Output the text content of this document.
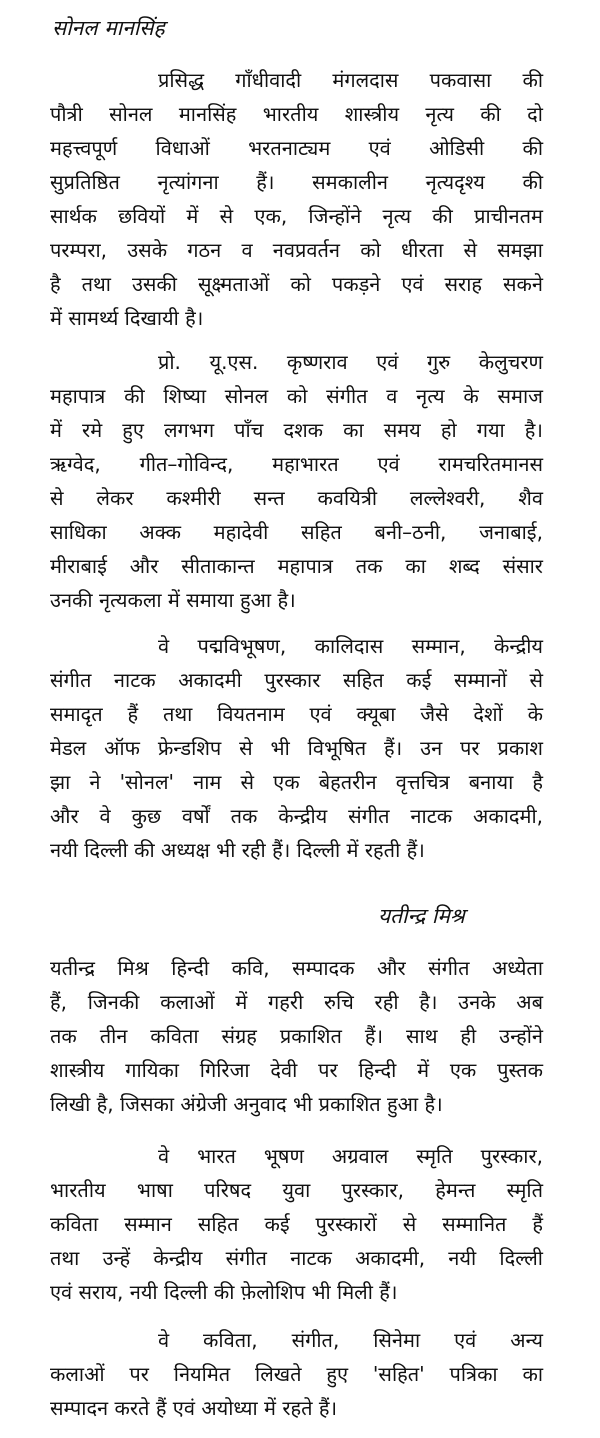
सोनल मानसिंह
प्रसिद्ध गाँधीवादी मंगलदास पकवासा की
पौत्री सोनल मानसिंह भारतीय शास्त्रीय नृत्य की दो
महत्त्वपूर्ण विधाओं भरतनाट्यम एवं ओडिसी की
सुप्रतिष्ठित नृत्यांगना हैं। समकालीन नृत्यदृश्य की
सार्थक छवियों में से एक, जिन्होंने नृत्य की प्राचीनतम
परम्परा, उसके गठन व नवप्रवर्तन को धीरता से समझा
है तथा उसकी सूक्ष्मताओं को पकड़ने एवं सराह सकने
में सामर्थ्य दिखायी है।
प्रो. यू.एस. कृष्णराव एवं गुरु केलुचरण
महापात्र की शिष्या सोनल को संगीत व नृत्य के समाज
में रमे हुए लगभग पाँच दशक का समय हो गया है।
ऋग्वेद, गीत–गोविन्द, महाभारत एवं रामचरितमानस
से लेकर कश्मीरी सन्त कवयित्री लल्लेश्वरी, शैव
साधिका अक्क महादेवी सहित बनी–ठनी, जनाबाई,
मीराबाई और सीताकान्त महापात्र तक का शब्द संसार
उनकी नृत्यकला में समाया हुआ है।
वे पद्मविभूषण, कालिदास सम्मान, केन्द्रीय
संगीत नाटक अकादमी पुरस्कार सहित कई सम्मानों से
समादृत हैं तथा वियतनाम एवं क्यूबा जैसे देशों के
मेडल ऑफ फ्रेन्डशिप से भी विभूषित हैं। उन पर प्रकाश
झा ने 'सोनल' नाम से एक बेहतरीन वृत्तचित्र बनाया है
और वे कुछ वर्षों तक केन्द्रीय संगीत नाटक अकादमी,
नयी दिल्ली की अध्यक्ष भी रही हैं। दिल्ली में रहती हैं।
यतीन्द्र मिश्र
यतीन्द्र मिश्र हिन्दी कवि, सम्पादक और संगीत अध्येता
हैं, जिनकी कलाओं में गहरी रुचि रही है। उनके अब
तक तीन कविता संग्रह प्रकाशित हैं। साथ ही उन्होंने
शास्त्रीय गायिका गिरिजा देवी पर हिन्दी में एक पुस्तक
लिखी है, जिसका अंग्रेजी अनुवाद भी प्रकाशित हुआ है।
वे भारत भूषण अग्रवाल स्मृति पुरस्कार,
भारतीय भाषा परिषद युवा पुरस्कार, हेमन्त स्मृति
कविता सम्मान सहित कई पुरस्कारों से सम्मानित हैं
तथा उन्हें केन्द्रीय संगीत नाटक अकादमी, नयी दिल्ली
एवं सराय, नयी दिल्ली की फ़ेलोशिप भी मिली हैं।
वे कविता, संगीत, सिनेमा एवं अन्य
कलाओं पर नियमित लिखते हुए 'सहित' पत्रिका का
सम्पादन करते हैं एवं अयोध्या में रहते हैं।
